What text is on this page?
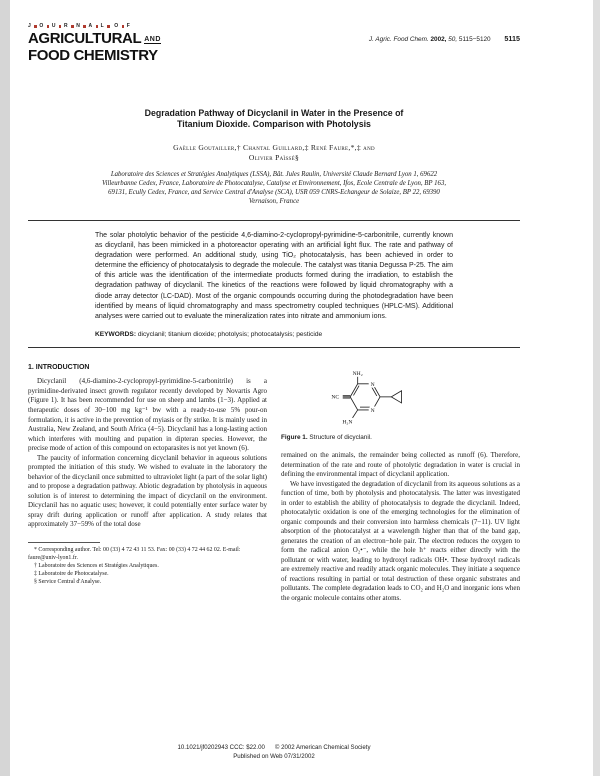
J	O	U	R	N	A	L	O	F
AGRICULTURAL AND
FOOD CHEMISTRY
J. Agric. Food Chem. 2002, 50, 5115−5120 5115
Degradation Pathway of Dicyclanil in Water in the Presence of
Titanium Dioxide. Comparison with Photolysis
Gaëlle Goutailler,† Chantal Guillard,‡ René Faure,*,‡ and
Olivier Païssé§
Laboratoire des Sciences et Stratégies Analytiques (LSSA), Bât. Jules Raulin, Université Claude Bernard Lyon 1, 69622 Villeurbanne Cedex, France, Laboratoire de Photocatalyse, Catalyse et Environnement, Ifos, Ecole Centrale de Lyon, BP 163, 69131, Ecully Cedex, France, and Service Central d'Analyse (SCA), USR 059 CNRS-Echangeur de Solaize, BP 22, 69390 Vernaison, France

The solar photolytic behavior of the pesticide 4,6-diamino-2-cyclopropyl-pyrimidine-5-carbonitrile, currently known as dicyclanil, has been mimicked in a photoreactor operating with an artificial light flux. The rate and pathway of degradation were performed. An additional study, using TiO₂ photocatalysis, has been achieved in order to determine the efficiency of photocatalysis to degrade the molecule. The catalyst was titania Degussa P-25. The aim of this article was the identification of the intermediate products formed during the irradiation, to establish the degradation pathway of dicyclanil. The kinetics of the reactions were followed by liquid chromatography with a diode array detector (LC-DAD). Most of the organic compounds occurring during the photodegradation have been identified by means of liquid chromatography and mass spectrometry coupled techniques (HPLC-MS). Additional analyses were carried out to evaluate the mineralization rates into nitrate and ammonium ions.

KEYWORDS: dicyclanil; titanium dioxide; photolysis; photocatalysis; pesticide

1. INTRODUCTION

Dicyclanil (4,6-diamino-2-cyclopropyl-pyrimidine-5-carbonitrile) is a pyrimidine-derivated insect growth regulator recently developed by Novartis Agro (Figure 1). It has been recommended for use on sheep and lambs (1−3). Applied at therapeutic doses of 30−100 mg kg⁻¹ bw with a ready-to-use 5% pour-on formulation, it is active in the prevention of myiasis or fly strike. It is mainly used in Australia, New Zealand, and South Africa (4−5). Dicyclanil has a long-lasting action which interferes with moulting and pupation in dipteran species. However, the precise mode of action of this compound on ectoparasites is not yet known (6).

The paucity of information concerning dicyclanil behavior in aqueous solutions prompted the initiation of this study. We wished to evaluate in the laboratory the behavior of the dicyclanil once submitted to ultraviolet light (a part of the solar light) and to propose a degradation pathway. Abiotic degradation by photolysis in aqueous solution is of interest to determining the impact of dicyclanil on the environment. Dicyclanil has no aquatic uses; however, it could potentially enter surface water by spray drift during application or runoff after application. A study relates that approximately 37−59% of the total dose

* Corresponding author. Tel: 00 (33) 4 72 43 11 53. Fax: 00 (33) 4 72 44 62 02. E-mail: faure@univ-lyon1.fr.
† Laboratoire des Sciences et Stratégies Analytiques.
‡ Laboratoire de Photocatalyse.
§ Service Central d'Analyse.
NH₂
NC
N
N
H₂N
Figure 1. Structure of dicyclanil.

remained on the animals, the remainder being collected as runoff (6). Therefore, determination of the rate and route of photolytic degradation in water is crucial in defining the environmental impact of dicyclanil application.

We have investigated the degradation of dicyclanil from its aqueous solutions as a function of time, both by photolysis and photocatalysis. The latter was investigated in order to establish the ability of photocatalysis to degrade the dicyclanil. Indeed, photocatalytic oxidation is one of the emerging technologies for the elimination of organic compounds and their conversion into harmless chemicals (7−11). UV light absorption of the photocatalyst at a wavelength higher than that of the band gap, generates the creation of an electron−hole pair. The electron reduces the oxygen to form the radical anion O₂•⁻, while the hole h⁺ reacts either directly with the pollutant or with water, leading to hydroxyl radicals OH•. These hydroxyl radicals are extremely reactive and readily attack organic molecules. They initiate a sequence of reactions resulting in partial or total destruction of these organic substrates and pollutants. The complete degradation leads to CO₂ and H₂O and inorganic ions when the organic molecule contains other atoms.

10.1021/jf0202943 CCC: $22.00 © 2002 American Chemical Society
Published on Web 07/31/2002
